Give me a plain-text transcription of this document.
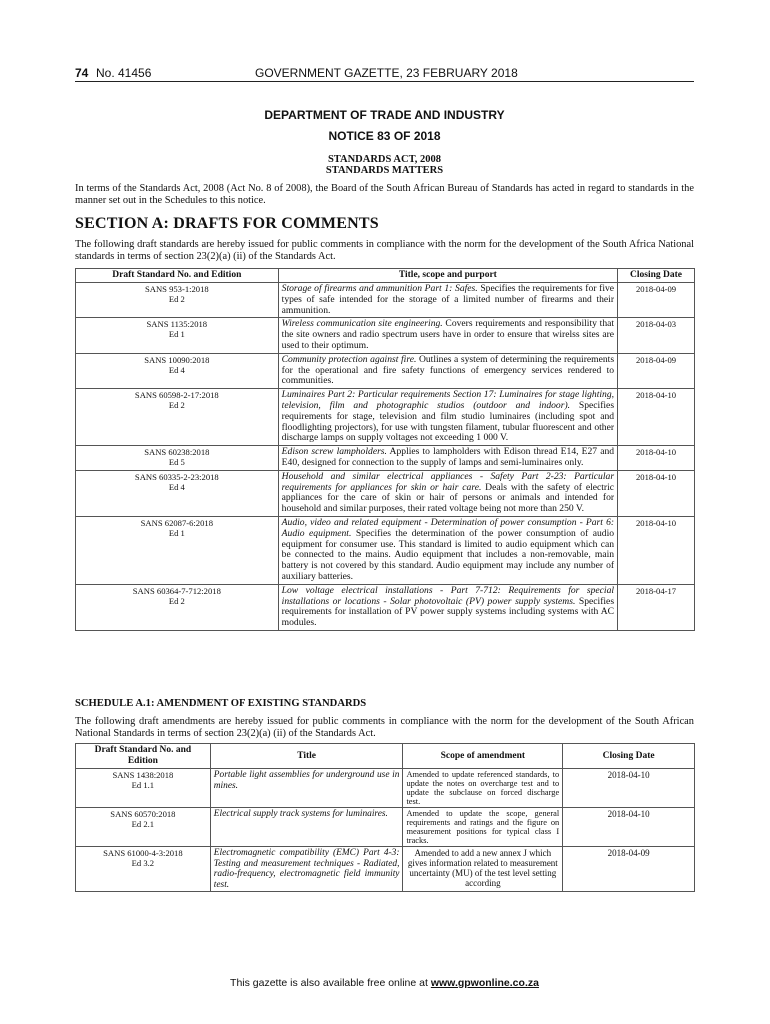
74 No. 41456	GOVERNMENT GAZETTE, 23 FEBRUARY 2018
DEPARTMENT OF TRADE AND INDUSTRY
NOTICE 83 OF 2018
STANDARDS ACT, 2008
STANDARDS MATTERS
In terms of the Standards Act, 2008 (Act No. 8 of 2008), the Board of the South African Bureau of Standards has acted in regard to standards in the manner set out in the Schedules to this notice.
SECTION A: DRAFTS FOR COMMENTS
The following draft standards are hereby issued for public comments in compliance with the norm for the development of the South Africa National standards in terms of section 23(2)(a) (ii) of the Standards Act.
Draft Standard No. and Edition	Title, scope and purport	Closing Date

SANS 953-1:2018
Ed 2	Storage of firearms and ammunition Part 1: Safes. Specifies the requirements for five types of safe intended for the storage of a limited number of firearms and their ammunition.	2018-04-09

SANS 1135:2018
Ed 1	Wireless communication site engineering. Covers requirements and responsibility that the site owners and radio spectrum users have in order to ensure that wirelss sites are used to their optimum.	2018-04-03

SANS 10090:2018
Ed 4	Community protection against fire. Outlines a system of determining the requirements for the operational and fire safety functions of emergency services rendered to communities.	2018-04-09

SANS 60598-2-17:2018
Ed 2	Luminaires Part 2: Particular requirements Section 17: Luminaires for stage lighting, television, film and photographic studios (outdoor and indoor). Specifies requirements for stage, television and film studio luminaires (including spot and floodlighting projectors), for use with tungsten filament, tubular fluorescent and other discharge lamps on supply voltages not exceeding 1 000 V.	2018-04-10

SANS 60238:2018
Ed 5	Edison screw lampholders. Applies to lampholders with Edison thread E14, E27 and E40, designed for connection to the supply of lamps and semi-luminaires only.	2018-04-10

SANS 60335-2-23:2018
Ed 4	Household and similar electrical appliances - Safety Part 2-23: Particular requirements for appliances for skin or hair care. Deals with the safety of electric appliances for the care of skin or hair of persons or animals and intended for household and similar purposes, their rated voltage being not more than 250 V.	2018-04-10

SANS 62087-6:2018
Ed 1	Audio, video and related equipment - Determination of power consumption - Part 6: Audio equipment. Specifies the determination of the power consumption of audio equipment for consumer use. This standard is limited to audio equipment which can be connected to the mains. Audio equipment that includes a non-removable, main battery is not covered by this standard. Audio equipment may include any number of auxiliary batteries.	2018-04-10

SANS 60364-7-712:2018
Ed 2	Low voltage electrical installations - Part 7-712: Requirements for special installations or locations - Solar photovoltaic (PV) power supply systems. Specifies requirements for installation of PV power supply systems including systems with AC modules.	2018-04-17
SCHEDULE A.1: AMENDMENT OF EXISTING STANDARDS
The following draft amendments are hereby issued for public comments in compliance with the norm for the development of the South African National Standards in terms of section 23(2)(a) (ii) of the Standards Act.
Draft Standard No. and Edition	Title	Scope of amendment	Closing Date

SANS 1438:2018
Ed 1.1	Portable light assemblies for underground use in mines.	Amended to update referenced standards, to update the notes on overcharge test and to update the subclause on forced discharge test.	2018-04-10

SANS 60570:2018
Ed 2.1	Electrical supply track systems for luminaires.	Amended to update the scope, general requirements and ratings and the figure on measurement positions for typical class I tracks.	2018-04-10

SANS 61000-4-3:2018
Ed 3.2	Electromagnetic compatibility (EMC) Part 4-3: Testing and measurement techniques - Radiated, radio-frequency, electromagnetic field immunity test.	Amended to add a new annex J which gives information related to measurement uncertainty (MU) of the test level setting according	2018-04-09
This gazette is also available free online at www.gpwonline.co.za
